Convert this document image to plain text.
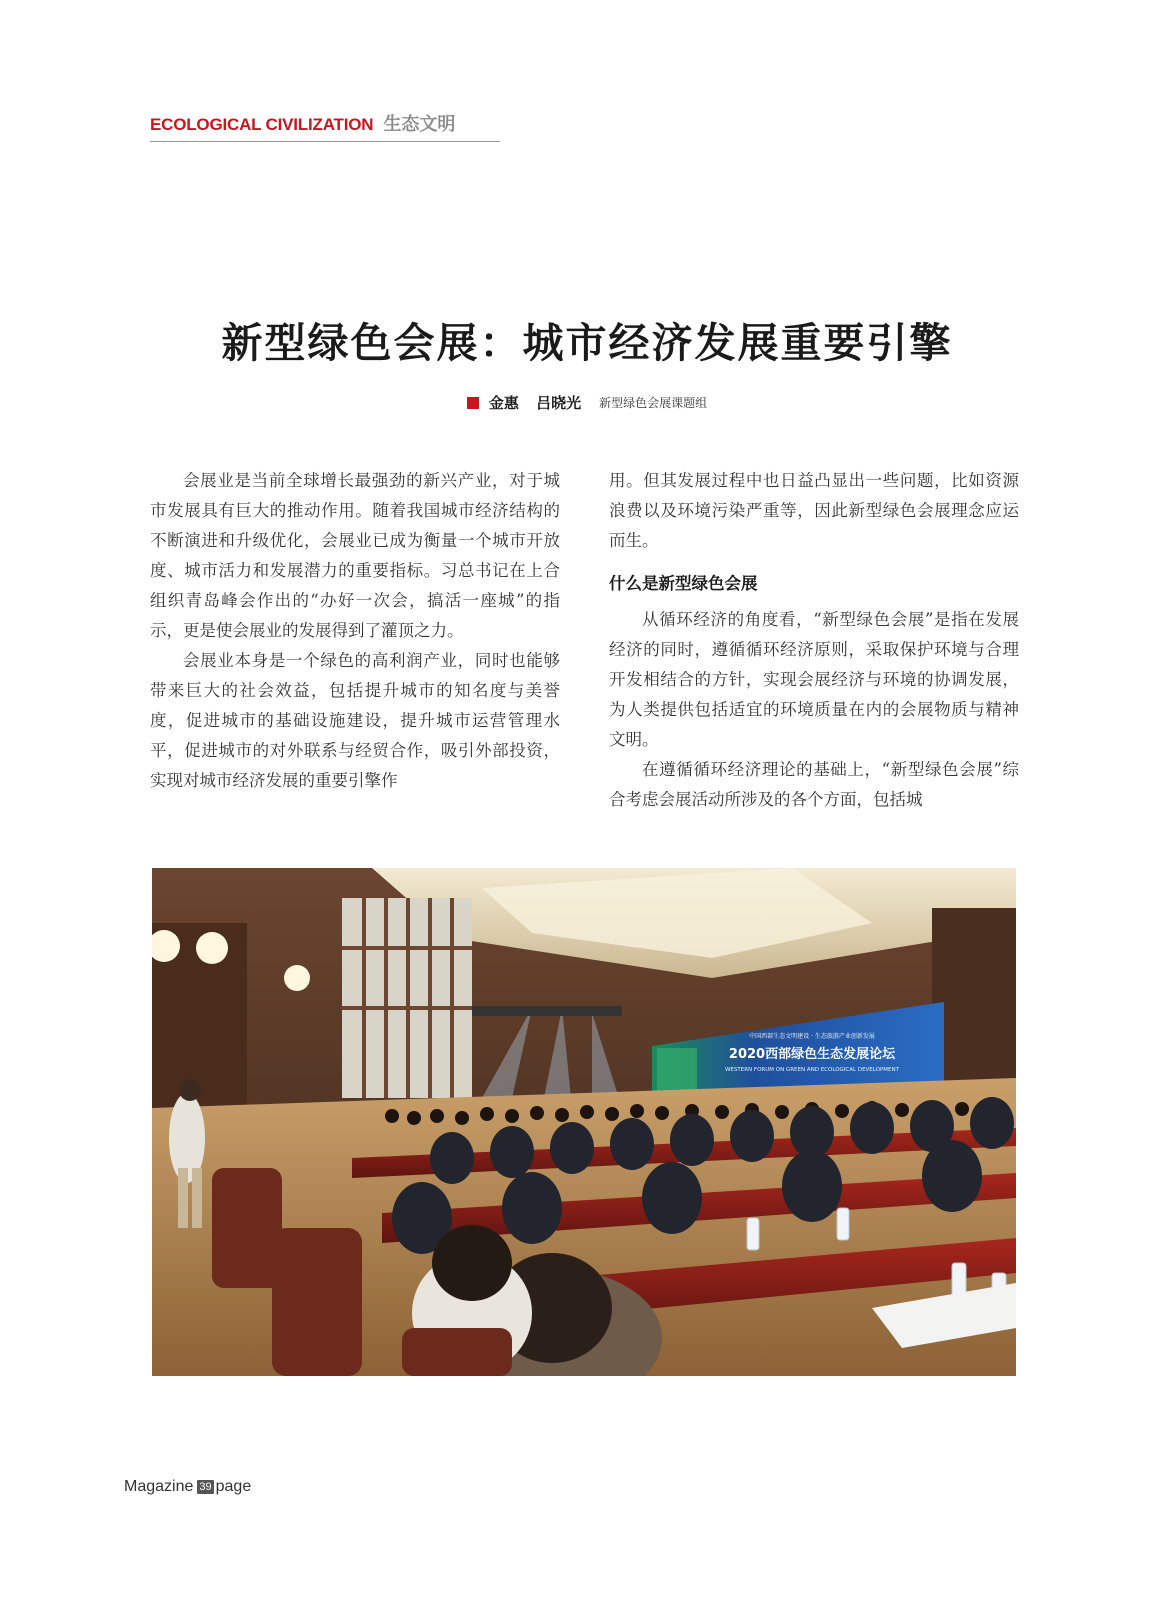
ECOLOGICAL CIVILIZATION 生态文明
新型绿色会展：城市经济发展重要引擎
金惠 吕晓光 新型绿色会展课题组

会展业是当前全球增长最强劲的新兴产业，对于城市发展具有巨大的推动作用。随着我国城市经济结构的不断演进和升级优化，会展业已成为衡量一个城市开放度、城市活力和发展潜力的重要指标。习总书记在上合组织青岛峰会作出的“办好一次会，搞活一座城”的指示，更是使会展业的发展得到了灌顶之力。

会展业本身是一个绿色的高利润产业，同时也能够带来巨大的社会效益，包括提升城市的知名度与美誉度，促进城市的基础设施建设，提升城市运营管理水平，促进城市的对外联系与经贸合作，吸引外部投资，实现对城市经济发展的重要引擎作

用。但其发展过程中也日益凸显出一些问题，比如资源浪费以及环境污染严重等，因此新型绿色会展理念应运而生。

什么是新型绿色会展

从循环经济的角度看，“新型绿色会展”是指在发展经济的同时，遵循循环经济原则，采取保护环境与合理开发相结合的方针，实现会展经济与环境的协调发展，为人类提供包括适宜的环境质量在内的会展物质与精神文明。

在遵循循环经济理论的基础上，“新型绿色会展”综合考虑会展活动所涉及的各个方面，包括城

中国西部生态文明建设 · 生态旅游产业创新发展
2020西部绿色生态发展论坛
WESTERN FORUM ON GREEN AND ECOLOGICAL DEVELOPMENT
Magazine 39 page
